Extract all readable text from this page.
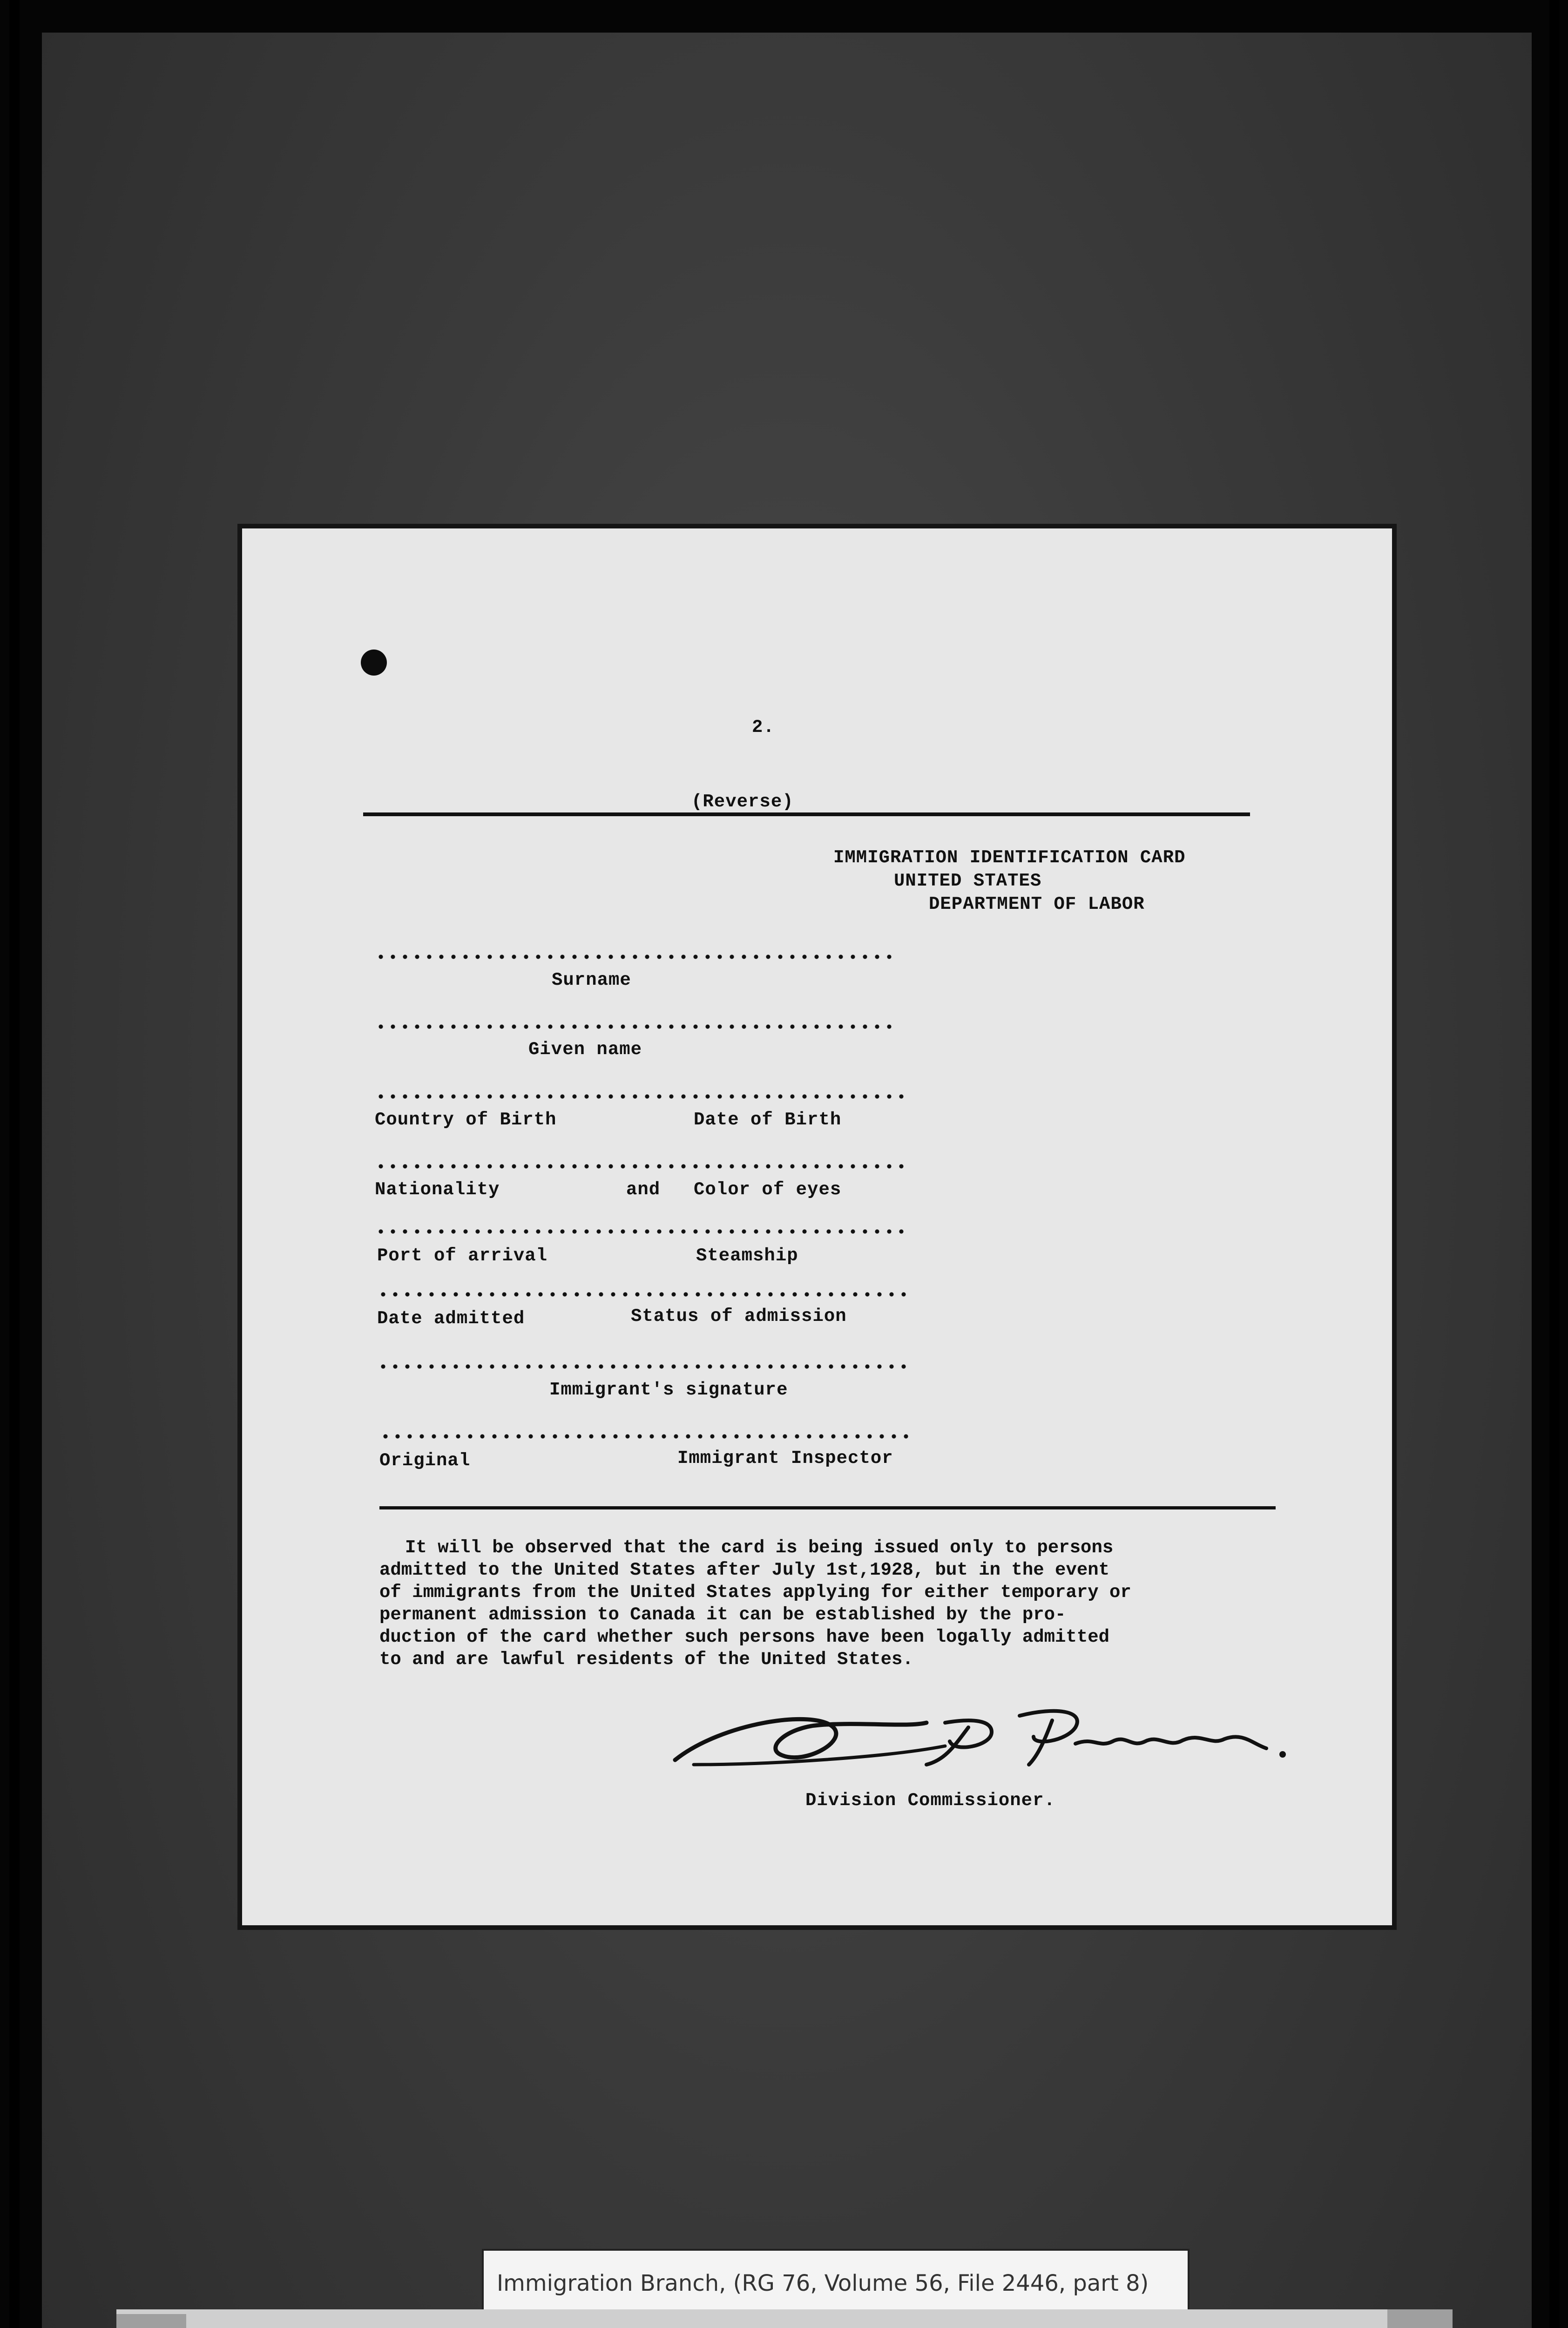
2.
(Reverse)
IMMIGRATION IDENTIFICATION CARD
UNITED STATES
DEPARTMENT OF LABOR
Surname
Given name
Country of Birth	Date of Birth
Nationality	and Color of eyes
Port of arrival	Steamship
Date admitted	Status of admission
Immigrant's signature
Original	Immigrant Inspector
It will be observed that the card is being issued only to persons
admitted to the United States after July 1st,1928, but in the event
of immigrants from the United States applying for either temporary or
permanent admission to Canada it can be established by the pro-
duction of the card whether such persons have been logally admitted
to and are lawful residents of the United States.
Division Commissioner.
Immigration Branch, (RG 76, Volume 56, File 2446, part 8)
